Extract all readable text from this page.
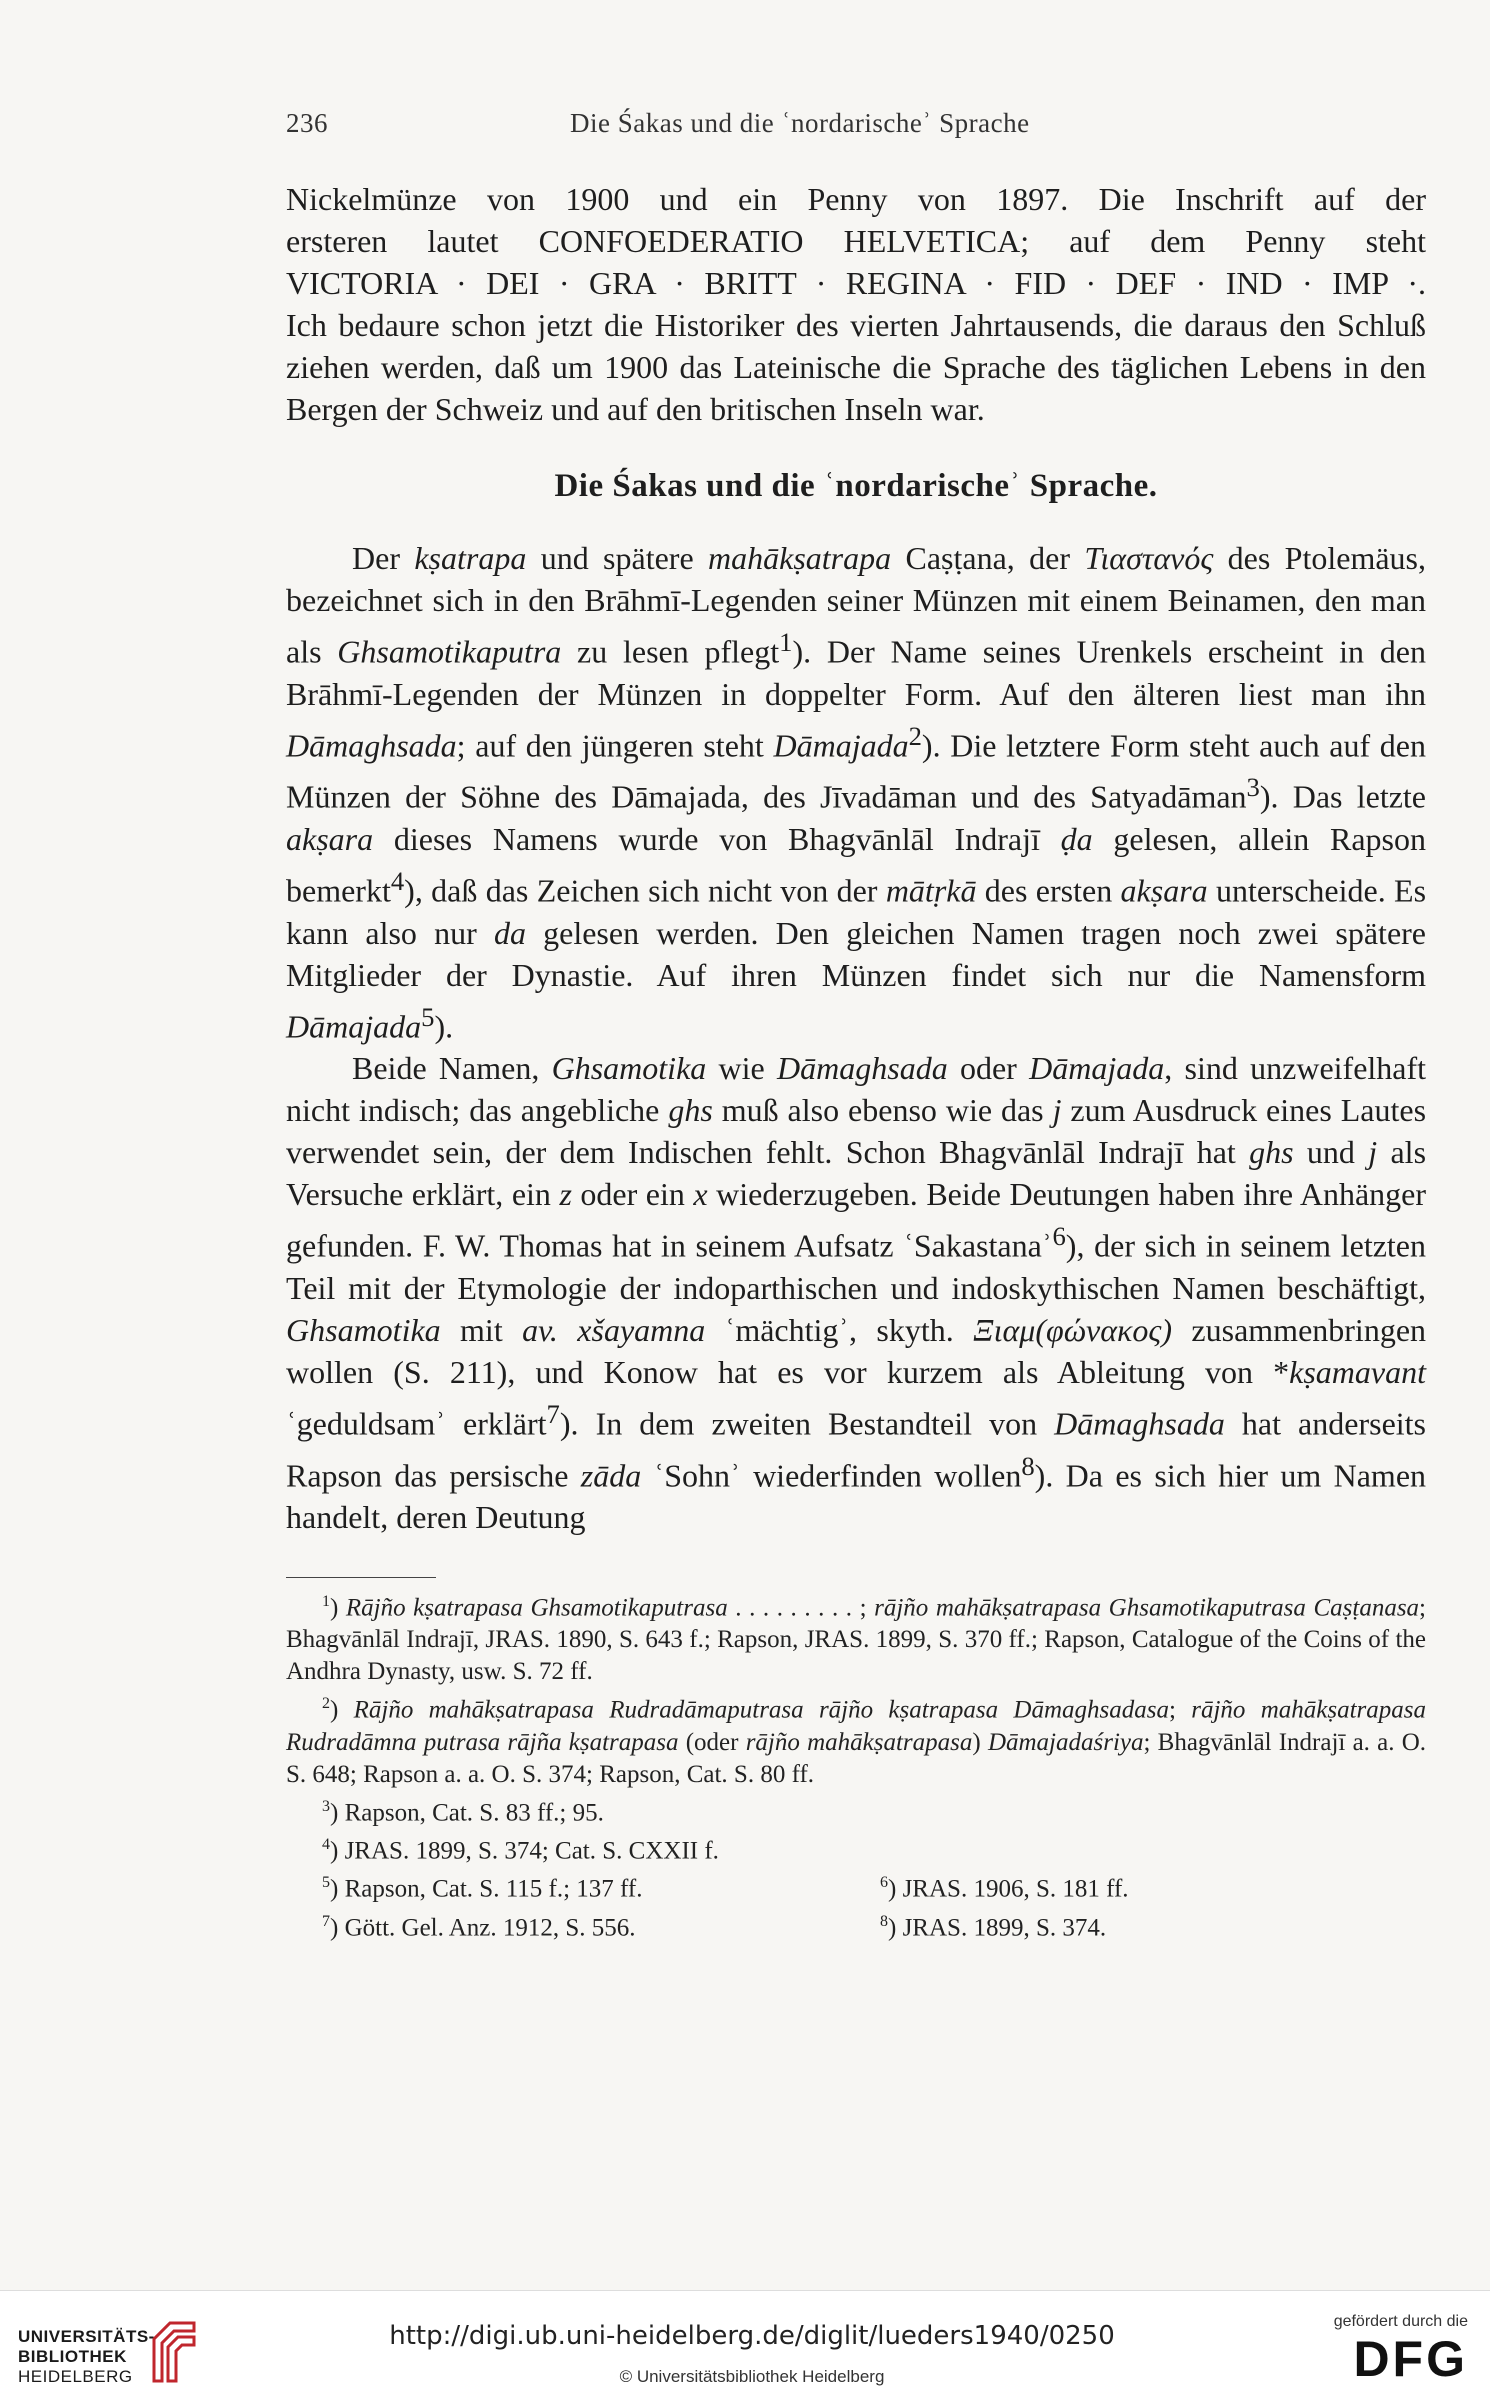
236	Die Śakas und die ʿnordarischeʾ Sprache

Nickelmünze von 1900 und ein Penny von 1897. Die Inschrift auf der

ersteren lautet CONFOEDERATIO HELVETICA; auf dem Penny steht

VICTORIA · DEI · GRA · BRITT · REGINA · FID · DEF · IND · IMP ·.

Ich bedaure schon jetzt die Historiker des vierten Jahrtausends, die daraus den Schluß ziehen werden, daß um 1900 das Lateinische die Sprache des täglichen Lebens in den Bergen der Schweiz und auf den britischen Inseln war.

Die Śakas und die ʿnordarischeʾ Sprache.

Der kṣatrapa und spätere mahākṣatrapa Caṣṭana, der Τιαστανός des Ptolemäus, bezeichnet sich in den Brāhmī-Legenden seiner Münzen mit einem Beinamen, den man als Ghsamotikaputra zu lesen pflegt$^1$). Der Name seines Urenkels erscheint in den Brāhmī-Legenden der Münzen in doppelter Form. Auf den älteren liest man ihn Dāmaghsada; auf den jüngeren steht Dāmajada$^2$). Die letztere Form steht auch auf den Münzen der Söhne des Dāmajada, des Jīvadāman und des Satyadāman$^3$). Das letzte akṣara dieses Namens wurde von Bhagvānlāl Indrajī ḍa gelesen, allein Rapson bemerkt$^4$), daß das Zeichen sich nicht von der mātṛkā des ersten akṣara unterscheide. Es kann also nur da gelesen werden. Den gleichen Namen tragen noch zwei spätere Mitglieder der Dynastie. Auf ihren Münzen findet sich nur die Namensform Dāmajada$^5$).

Beide Namen, Ghsamotika wie Dāmaghsada oder Dāmajada, sind unzweifelhaft nicht indisch; das angebliche ghs muß also ebenso wie das j zum Ausdruck eines Lautes verwendet sein, der dem Indischen fehlt. Schon Bhagvānlāl Indrajī hat ghs und j als Versuche erklärt, ein z oder ein x wiederzugeben. Beide Deutungen haben ihre Anhänger gefunden. F. W. Thomas hat in seinem Aufsatz ʿSakastanaʾ$^6$), der sich in seinem letzten Teil mit der Etymologie der indoparthischen und indoskythischen Namen beschäftigt, Ghsamotika mit av. xšayamna ʿmächtigʾ, skyth. Ξιαμ(φώνακος) zusammenbringen wollen (S. 211), und Konow hat es vor kurzem als Ableitung von *kṣamavant ʿgeduldsamʾ erklärt$^7$). In dem zweiten Bestandteil von Dāmaghsada hat anderseits Rapson das persische zāda ʿSohnʾ wiederfinden wollen$^8$). Da es sich hier um Namen handelt, deren Deutung

$^1$) Rājño kṣatrapasa Ghsamotikaputrasa . . . . . . . . . ; rājño mahākṣatrapasa Ghsamotikaputrasa Caṣṭanasa; Bhagvānlāl Indrajī, JRAS. 1890, S. 643 f.; Rapson, JRAS. 1899, S. 370 ff.; Rapson, Catalogue of the Coins of the Andhra Dynasty, usw. S. 72 ff.

$^2$) Rājño mahākṣatrapasa Rudradāmaputrasa rājño kṣatrapasa Dāmaghsadasa; rājño mahākṣatrapasa Rudradāmna putrasa rājña kṣatrapasa (oder rājño mahākṣatrapasa) Dāmajadaśriya; Bhagvānlāl Indrajī a. a. O. S. 648; Rapson a. a. O. S. 374; Rapson, Cat. S. 80 ff.

$^3$) Rapson, Cat. S. 83 ff.; 95.

$^4$) JRAS. 1899, S. 374; Cat. S. CXXII f.

$^5$) Rapson, Cat. S. 115 f.; 137 ff.	$^6$) JRAS. 1906, S. 181 ff.

$^7$) Gött. Gel. Anz. 1912, S. 556.	$^8$) JRAS. 1899, S. 374.

UNIVERSITÄTS-
BIBLIOTHEK
HEIDELBERG
http://digi.ub.uni-heidelberg.de/diglit/lueders1940/0250
© Universitätsbibliothek Heidelberg
gefördert durch die
DFG
